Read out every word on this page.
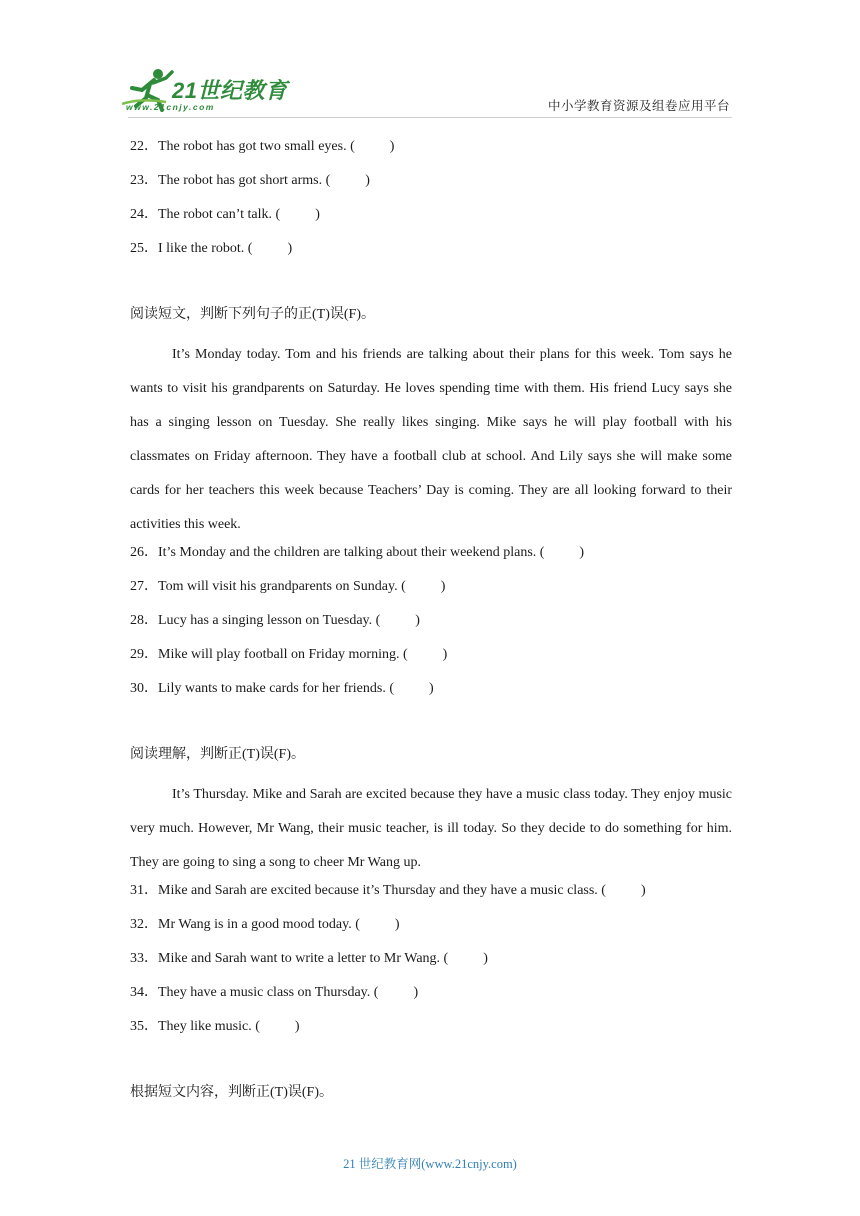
21世纪教育
www.21cnjy.com	中小学教育资源及组卷应用平台
22．The robot has got two small eyes. (          )
23．The robot has got short arms. (          )
24．The robot can’t talk. (          )
25．I like the robot. (          )
阅读短文，判断下列句子的正(T)误(F)。

It’s Monday today. Tom and his friends are talking about their plans for this week. Tom says he wants to visit his grandparents on Saturday. He loves spending time with them. His friend Lucy says she has a singing lesson on Tuesday. She really likes singing. Mike says he will play football with his classmates on Friday afternoon. They have a football club at school. And Lily says she will make some cards for her teachers this week because Teachers’ Day is coming. They are all looking forward to their activities this week.

26．It’s Monday and the children are talking about their weekend plans. (          )
27．Tom will visit his grandparents on Sunday. (          )
28．Lucy has a singing lesson on Tuesday. (          )
29．Mike will play football on Friday morning. (          )
30．Lily wants to make cards for her friends. (          )
阅读理解，判断正(T)误(F)。

It’s Thursday. Mike and Sarah are excited because they have a music class today. They enjoy music very much. However, Mr Wang, their music teacher, is ill today. So they decide to do something for him. They are going to sing a song to cheer Mr Wang up.

31．Mike and Sarah are excited because it’s Thursday and they have a music class. (          )
32．Mr Wang is in a good mood today. (          )
33．Mike and Sarah want to write a letter to Mr Wang. (          )
34．They have a music class on Thursday. (          )
35．They like music. (          )
根据短文内容，判断正(T)误(F)。
21 世纪教育网(www.21cnjy.com)
